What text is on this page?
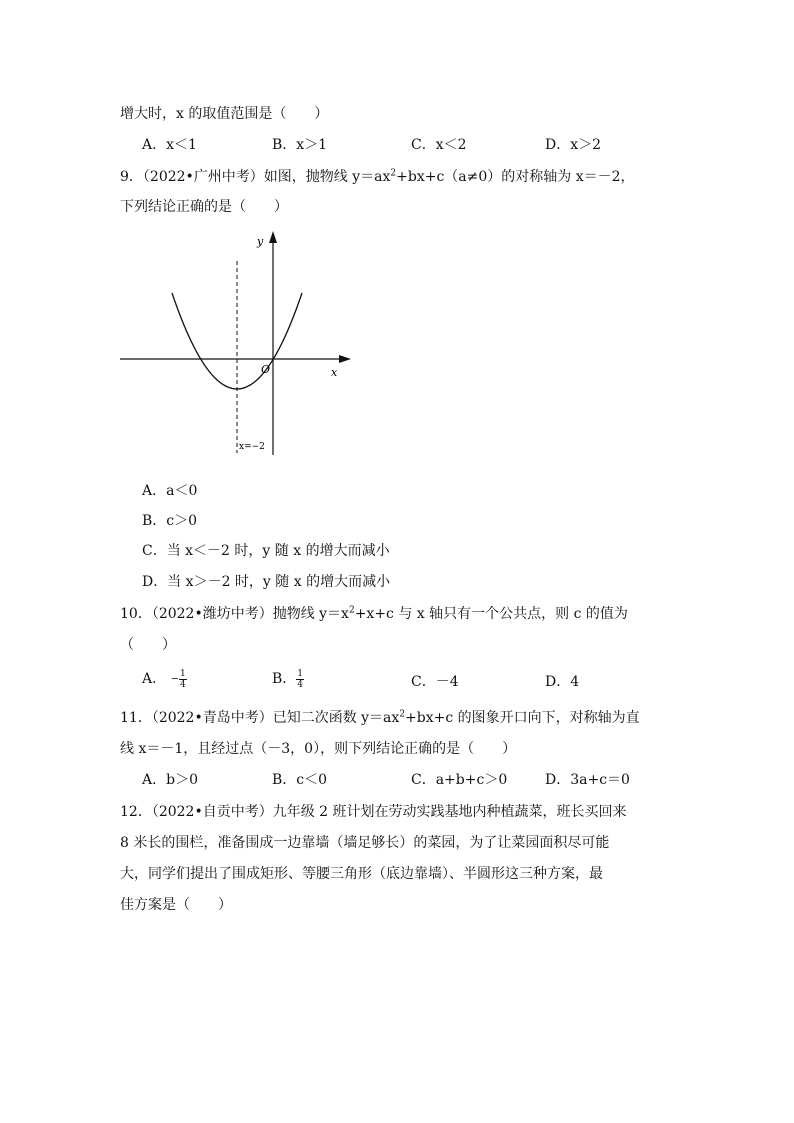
增大时，x 的取值范围是（　　）
A．x＜1	B．x＞1	C．x＜2	D．x＞2
9．（2022•广州中考）如图，抛物线 $y=ax^2+bx+c(a\ne 0)$的对称轴为 x＝－2，
下列结论正确的是（　　）
y
x
O
x=−2
A．a＜0
B．c＞0
C．当 x＜－2 时，y 随 x 的增大而减小
D．当 x＞－2 时，y 随 x 的增大而减小
10．（2022•潍坊中考）抛物线 $y=x^2+x+c$ 与 x 轴只有一个公共点，则 c 的值为
（　　）
A． − $\frac{1}{4}$	B． $\frac{1}{4}$	C．－4	D．4
11．（2022•青岛中考）已知二次函数 $y=ax^2+bx+c$ 的图象开口向下，对称轴为直
线 x＝－1，且经过点（－3，0），则下列结论正确的是（　　）
A．b＞0	B．c＜0	C．a+b+c＞0	D．3a+c＝0
12．（2022•自贡中考）九年级 2 班计划在劳动实践基地内种植蔬菜，班长买回来
8 米长的围栏，准备围成一边靠墙（墙足够长）的菜园，为了让菜园面积尽可能
大，同学们提出了围成矩形、等腰三角形（底边靠墙）、半圆形这三种方案，最
佳方案是（　　）
